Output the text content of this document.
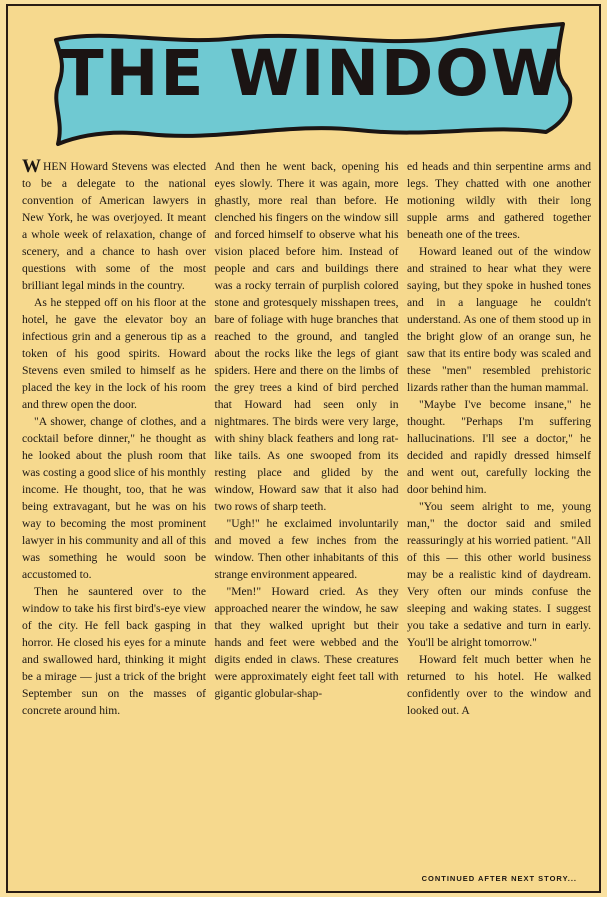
THE WINDOW

WHEN Howard Stevens was elected to be a delegate to the national convention of American lawyers in New York, he was overjoyed. It meant a whole week of relaxation, change of scenery, and a chance to hash over questions with some of the most brilliant legal minds in the country.

As he stepped off on his floor at the hotel, he gave the elevator boy an infectious grin and a generous tip as a token of his good spirits. Howard Stevens even smiled to himself as he placed the key in the lock of his room and threw open the door.

"A shower, change of clothes, and a cocktail before dinner," he thought as he looked about the plush room that was costing a good slice of his monthly income. He thought, too, that he was being extravagant, but he was on his way to becoming the most prominent lawyer in his community and all of this was something he would soon be accustomed to.

Then he sauntered over to the window to take his first bird's-eye view of the city. He fell back gasping in horror. He closed his eyes for a minute and swallowed hard, thinking it might be a mirage — just a trick of the bright September sun on the masses of concrete around him.

And then he went back, opening his eyes slowly. There it was again, more ghastly, more real than before. He clenched his fingers on the window sill and forced himself to observe what his vision placed before him. Instead of people and cars and buildings there was a rocky terrain of purplish colored stone and grotesquely misshapen trees, bare of foliage with huge branches that reached to the ground, and tangled about the rocks like the legs of giant spiders. Here and there on the limbs of the grey trees a kind of bird perched that Howard had seen only in nightmares. The birds were very large, with shiny black feathers and long rat-like tails. As one swooped from its resting place and glided by the window, Howard saw that it also had two rows of sharp teeth.

"Ugh!" he exclaimed involuntarily and moved a few inches from the window. Then other inhabitants of this strange environment appeared.

"Men!" Howard cried. As they approached nearer the window, he saw that they walked upright but their hands and feet were webbed and the digits ended in claws. These creatures were approximately eight feet tall with gigantic globular-shap-

ed heads and thin serpentine arms and legs. They chatted with one another motioning wildly with their long supple arms and gathered together beneath one of the trees.

Howard leaned out of the window and strained to hear what they were saying, but they spoke in hushed tones and in a language he couldn't understand. As one of them stood up in the bright glow of an orange sun, he saw that its entire body was scaled and these "men" resembled prehistoric lizards rather than the human mammal.

"Maybe I've become insane," he thought. "Perhaps I'm suffering hallucinations. I'll see a doctor," he decided and rapidly dressed himself and went out, carefully locking the door behind him.

"You seem alright to me, young man," the doctor said and smiled reassuringly at his worried patient. "All of this — this other world business may be a realistic kind of daydream. Very often our minds confuse the sleeping and waking states. I suggest you take a sedative and turn in early. You'll be alright tomorrow."

Howard felt much better when he returned to his hotel. He walked confidently over to the window and looked out. A

CONTINUED AFTER NEXT STORY...
